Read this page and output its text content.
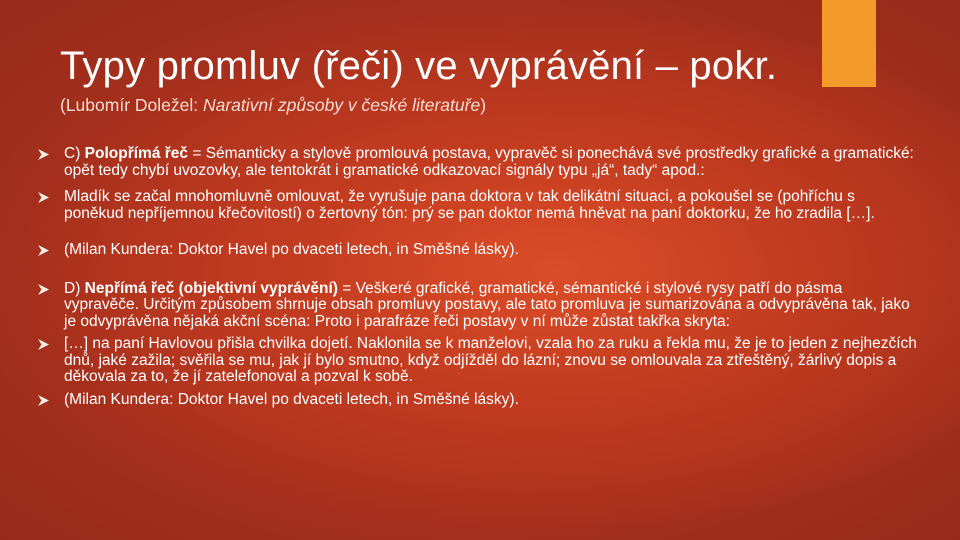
Typy promluv (řeči) ve vyprávění – pokr.
(Lubomír Doležel: Narativní způsoby v české literatuře)
C) Polopřímá řeč = Sémanticky a stylově promlouvá postava, vypravěč si ponechává své prostředky grafické a gramatické: opět tedy chybí uvozovky, ale tentokrát i gramatické odkazovací signály typu „já“, tady“ apod.:
Mladík se začal mnohomluvně omlouvat, že vyrušuje pana doktora v tak delikátní situaci, a pokoušel se (pohříchu s poněkud nepříjemnou křečovitostí) o žertovný tón: prý se pan doktor nemá hněvat na paní doktorku, že ho zradila […].
(Milan Kundera: Doktor Havel po dvaceti letech, in Směšné lásky).
D) Nepřímá řeč (objektivní vyprávění) = Veškeré grafické, gramatické, sémantické i stylové rysy patří do pásma vypravěče. Určitým způsobem shrnuje obsah promluvy postavy, ale tato promluva je sumarizována a odvyprávěna tak, jako je odvyprávěna nějaká akční scéna: Proto i parafráze řeči postavy v ní může zůstat takřka skryta:
[…] na paní Havlovou přišla chvilka dojetí. Naklonila se k manželovi, vzala ho za ruku a řekla mu, že je to jeden z nejhezčích dnů, jaké zažila; svěřila se mu, jak jí bylo smutno, když odjížděl do lázní; znovu se omlouvala za ztřeštěný, žárlivý dopis a děkovala za to, že jí zatelefonoval a pozval k sobě.
(Milan Kundera: Doktor Havel po dvaceti letech, in Směšné lásky).
